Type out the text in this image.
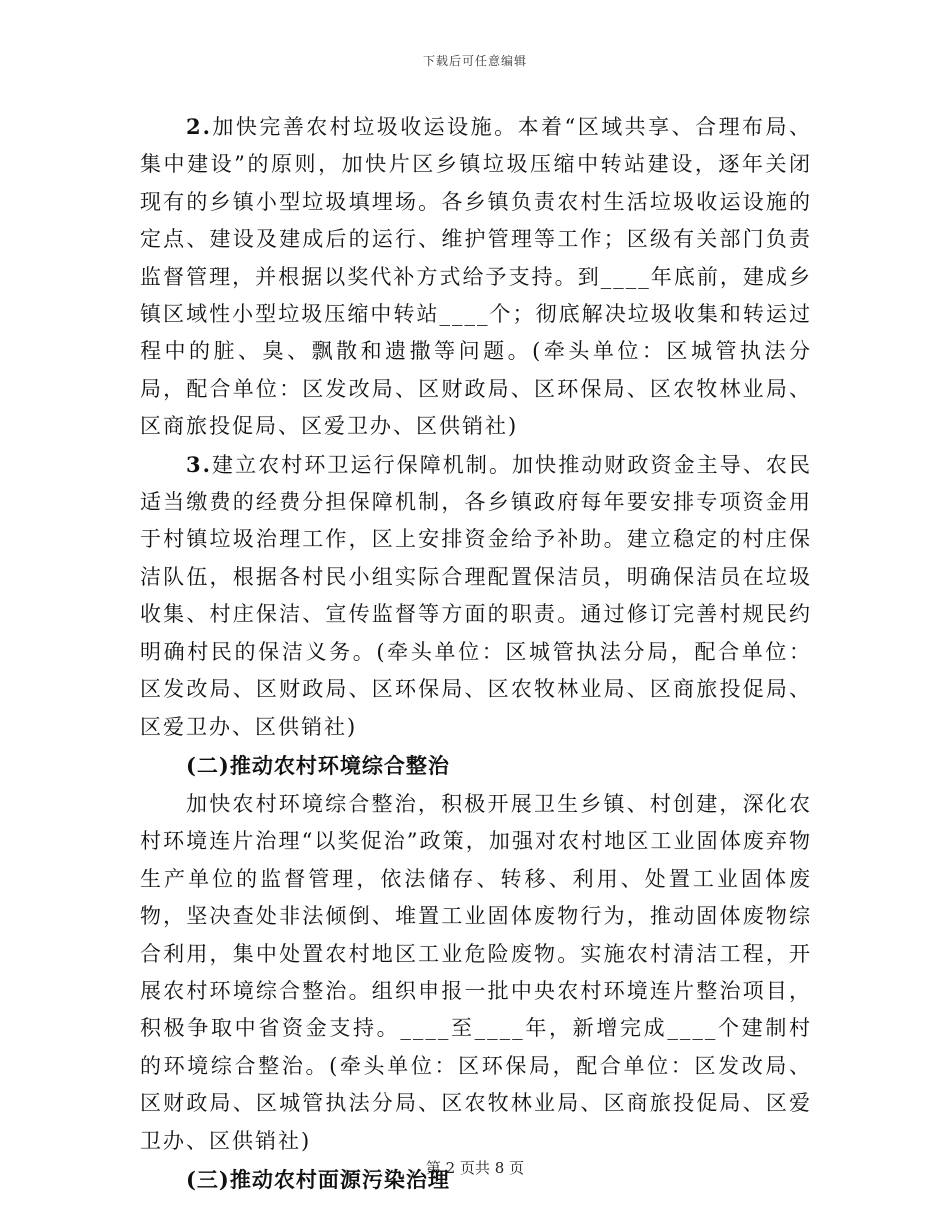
下载后可任意编辑

2.加快完善农村垃圾收运设施。本着“区域共享、合理布局、集中建设”的原则，加快片区乡镇垃圾压缩中转站建设，逐年关闭现有的乡镇小型垃圾填埋场。各乡镇负责农村生活垃圾收运设施的定点、建设及建成后的运行、维护管理等工作；区级有关部门负责监督管理，并根据以奖代补方式给予支持。到____年底前，建成乡镇区域性小型垃圾压缩中转站____个；彻底解决垃圾收集和转运过程中的脏、臭、飘散和遗撒等问题。(牵头单位：区城管执法分局，配合单位：区发改局、区财政局、区环保局、区农牧林业局、区商旅投促局、区爱卫办、区供销社)

3.建立农村环卫运行保障机制。加快推动财政资金主导、农民适当缴费的经费分担保障机制，各乡镇政府每年要安排专项资金用于村镇垃圾治理工作，区上安排资金给予补助。建立稳定的村庄保洁队伍，根据各村民小组实际合理配置保洁员，明确保洁员在垃圾收集、村庄保洁、宣传监督等方面的职责。通过修订完善村规民约明确村民的保洁义务。(牵头单位：区城管执法分局，配合单位：区发改局、区财政局、区环保局、区农牧林业局、区商旅投促局、区爱卫办、区供销社)

(二)推动农村环境综合整治

加快农村环境综合整治，积极开展卫生乡镇、村创建，深化农村环境连片治理“以奖促治”政策，加强对农村地区工业固体废弃物生产单位的监督管理，依法储存、转移、利用、处置工业固体废物，坚决查处非法倾倒、堆置工业固体废物行为，推动固体废物综合利用，集中处置农村地区工业危险废物。实施农村清洁工程，开展农村环境综合整治。组织申报一批中央农村环境连片整治项目，积极争取中省资金支持。____至____年，新增完成____个建制村的环境综合整治。(牵头单位：区环保局，配合单位：区发改局、区财政局、区城管执法分局、区农牧林业局、区商旅投促局、区爱卫办、区供销社)

(三)推动农村面源污染治理

第 2 页共 8 页
